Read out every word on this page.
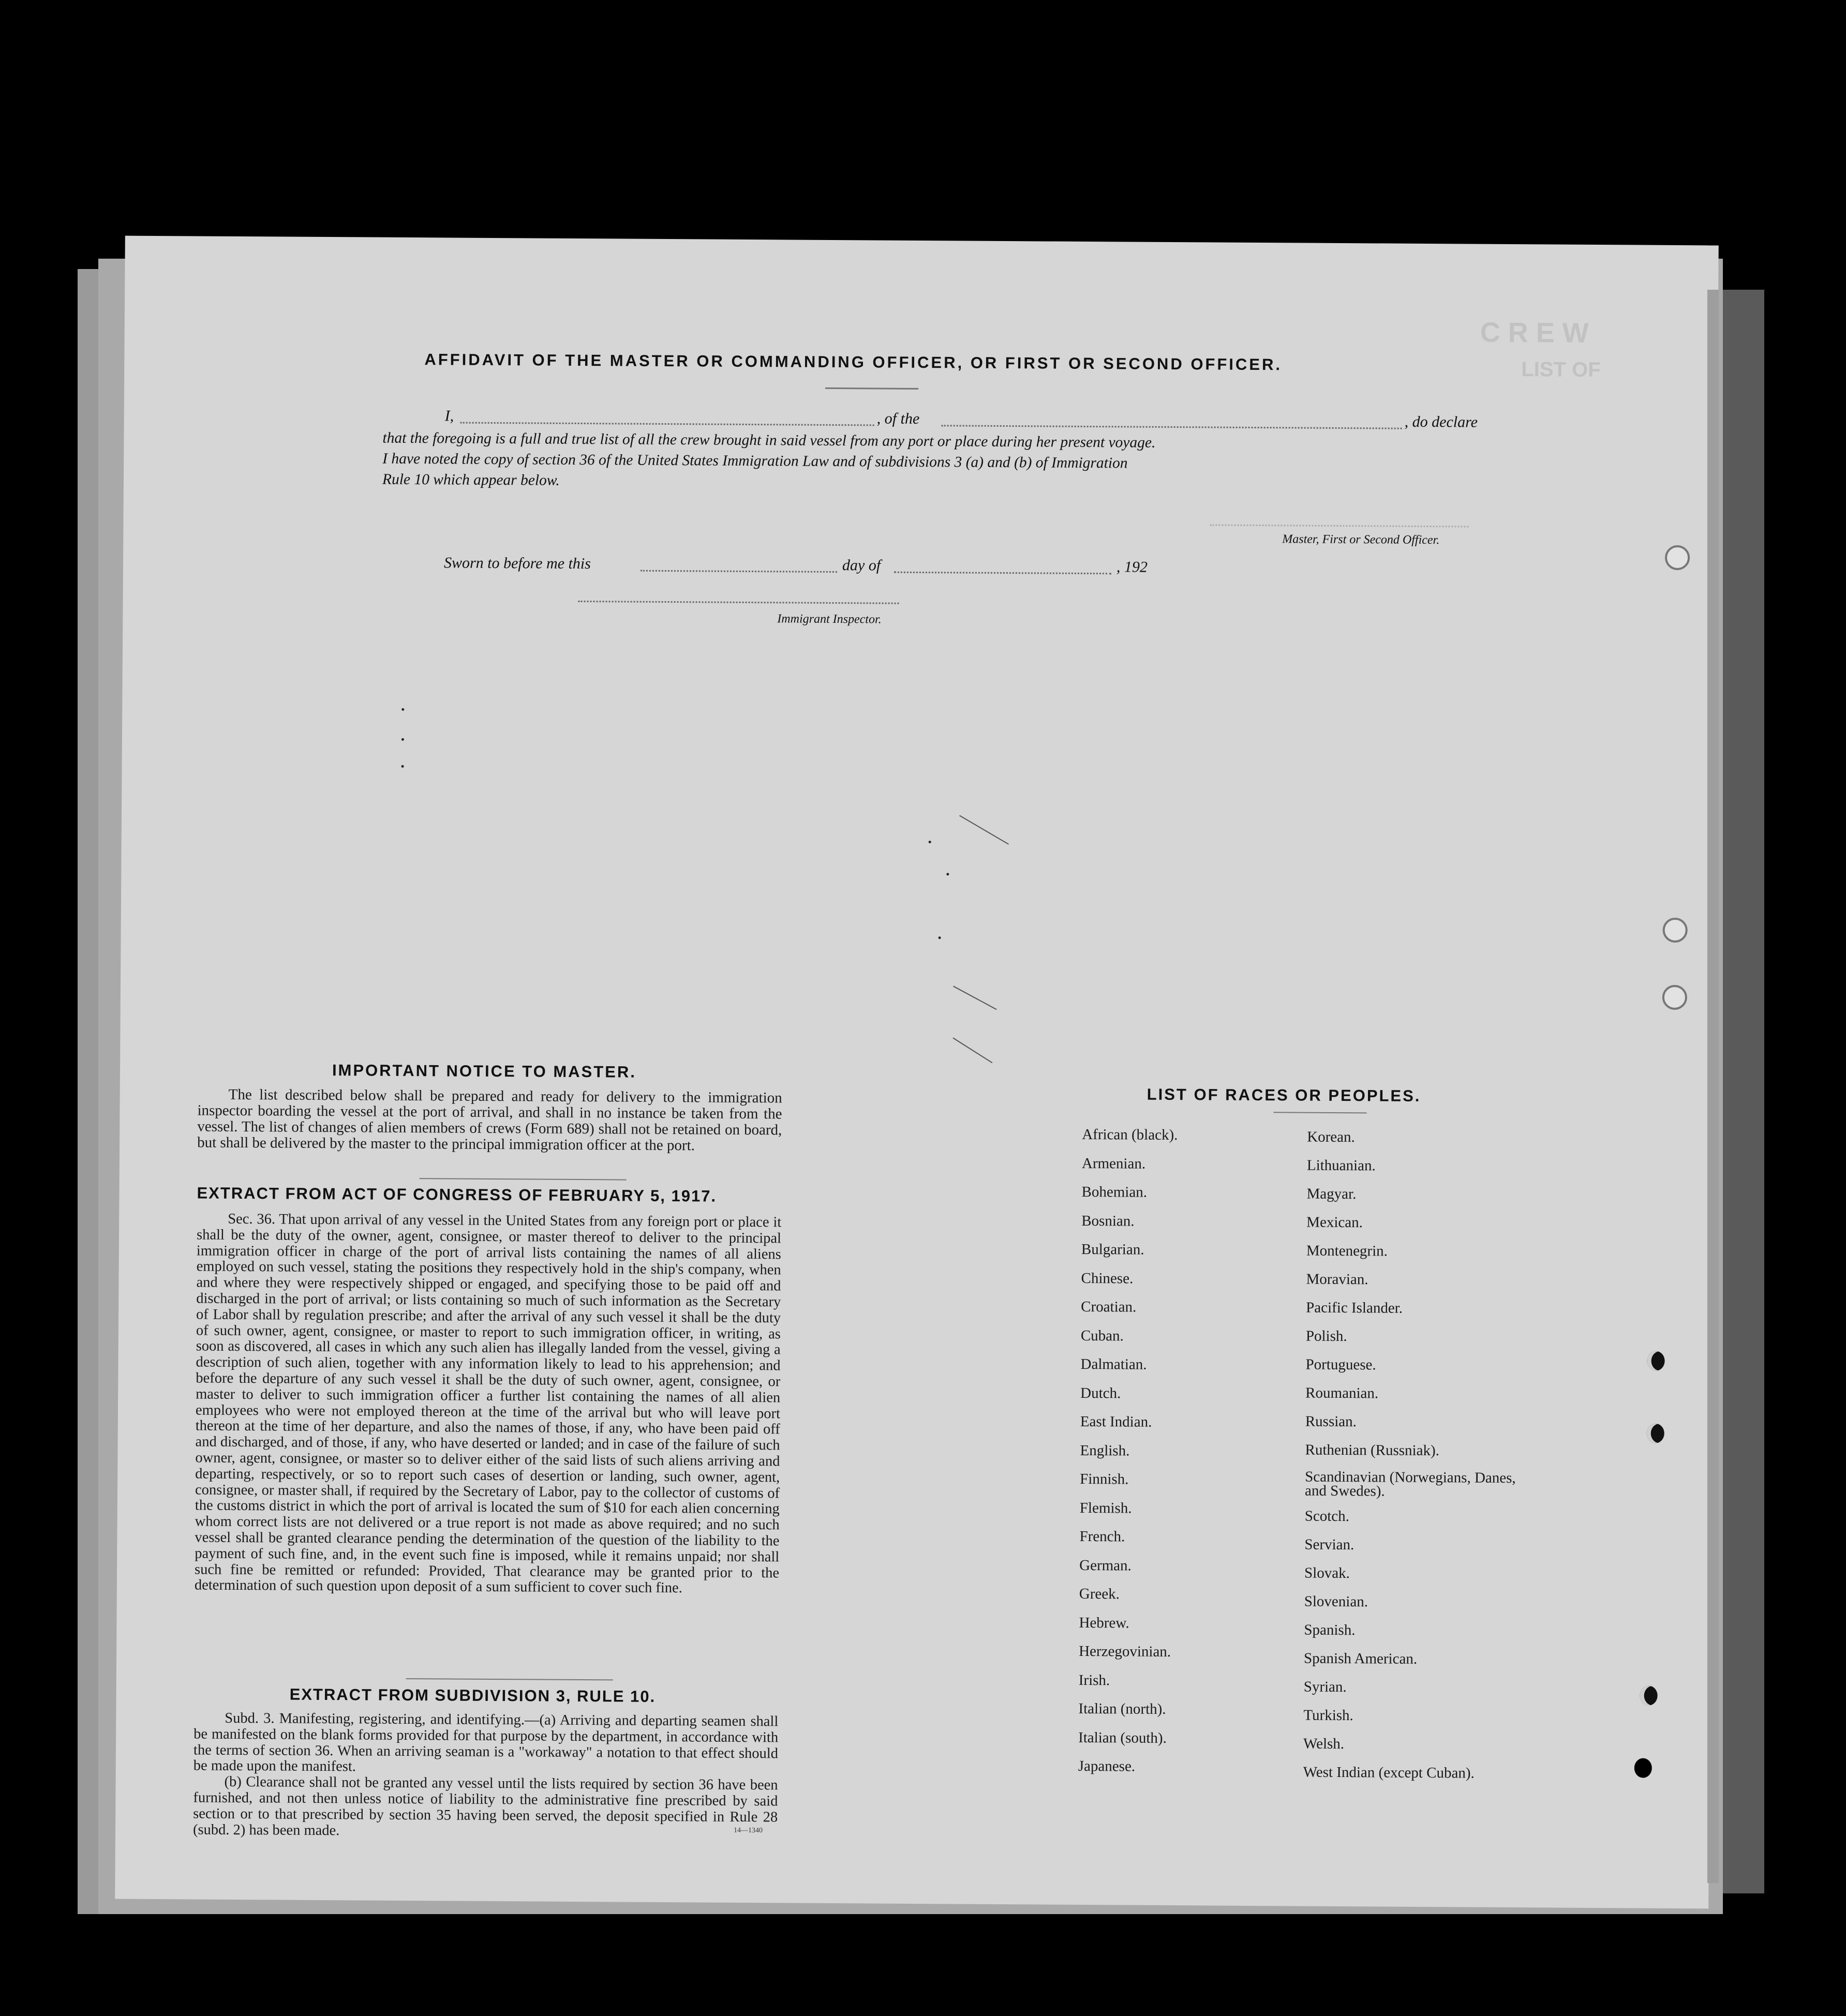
C R E W
LIST OF
AFFIDAVIT OF THE MASTER OR COMMANDING OFFICER, OR FIRST OR SECOND OFFICER.
I,	, of the	, do declare
that the foregoing is a full and true list of all the crew brought in said vessel from any port or place during her present voyage.
I have noted the copy of section 36 of the United States Immigration Law and of subdivisions 3 (a) and (b) of Immigration
Rule 10 which appear below.
Master, First or Second Officer.
Sworn to before me this	day of	, 192
Immigrant Inspector.
IMPORTANT NOTICE TO MASTER.
The list described below shall be prepared and ready for delivery to the immigration inspector boarding the vessel at the port of arrival, and shall in no instance be taken from the vessel. The list of changes of alien members of crews (Form 689) shall not be retained on board, but shall be delivered by the master to the principal immigration officer at the port.
EXTRACT FROM ACT OF CONGRESS OF FEBRUARY 5, 1917.
Sec. 36. That upon arrival of any vessel in the United States from any foreign port or place it shall be the duty of the owner, agent, consignee, or master thereof to deliver to the principal immigration officer in charge of the port of arrival lists containing the names of all aliens employed on such vessel, stating the positions they respectively hold in the ship's company, when and where they were respectively shipped or engaged, and specifying those to be paid off and discharged in the port of arrival; or lists containing so much of such information as the Secretary of Labor shall by regulation prescribe; and after the arrival of any such vessel it shall be the duty of such owner, agent, consignee, or master to report to such immigration officer, in writing, as soon as discovered, all cases in which any such alien has illegally landed from the vessel, giving a description of such alien, together with any information likely to lead to his apprehension; and before the departure of any such vessel it shall be the duty of such owner, agent, consignee, or master to deliver to such immigration officer a further list containing the names of all alien employees who were not employed thereon at the time of the arrival but who will leave port thereon at the time of her departure, and also the names of those, if any, who have been paid off and discharged, and of those, if any, who have deserted or landed; and in case of the failure of such owner, agent, consignee, or master so to deliver either of the said lists of such aliens arriving and departing, respectively, or so to report such cases of desertion or landing, such owner, agent, consignee, or master shall, if required by the Secretary of Labor, pay to the collector of customs of the customs district in which the port of arrival is located the sum of $10 for each alien concerning whom correct lists are not delivered or a true report is not made as above required; and no such vessel shall be granted clearance pending the determination of the question of the liability to the payment of such fine, and, in the event such fine is imposed, while it remains unpaid; nor shall such fine be remitted or refunded: Provided, That clearance may be granted prior to the determination of such question upon deposit of a sum sufficient to cover such fine.
EXTRACT FROM SUBDIVISION 3, RULE 10.
Subd. 3. Manifesting, registering, and identifying.—(a) Arriving and departing seamen shall be manifested on the blank forms provided for that purpose by the department, in accordance with the terms of section 36. When an arriving seaman is a "workaway" a notation to that effect should be made upon the manifest.
(b) Clearance shall not be granted any vessel until the lists required by section 36 have been furnished, and not then unless notice of liability to the administrative fine prescribed by said section or to that prescribed by section 35 having been served, the deposit specified in Rule 28 (subd. 2) has been made.	14—1340
LIST OF RACES OR PEOPLES.
African (black).
Armenian.
Bohemian.
Bosnian.
Bulgarian.
Chinese.
Croatian.
Cuban.
Dalmatian.
Dutch.
East Indian.
English.
Finnish.
Flemish.
French.
German.
Greek.
Hebrew.
Herzegovinian.
Irish.
Italian (north).
Italian (south).
Japanese.
Korean.
Lithuanian.
Magyar.
Mexican.
Montenegrin.
Moravian.
Pacific Islander.
Polish.
Portuguese.
Roumanian.
Russian.
Ruthenian (Russniak).
Scandinavian (Norwegians, Danes, and Swedes).
Scotch.
Servian.
Slovak.
Slovenian.
Spanish.
Spanish American.
Syrian.
Turkish.
Welsh.
West Indian (except Cuban).
